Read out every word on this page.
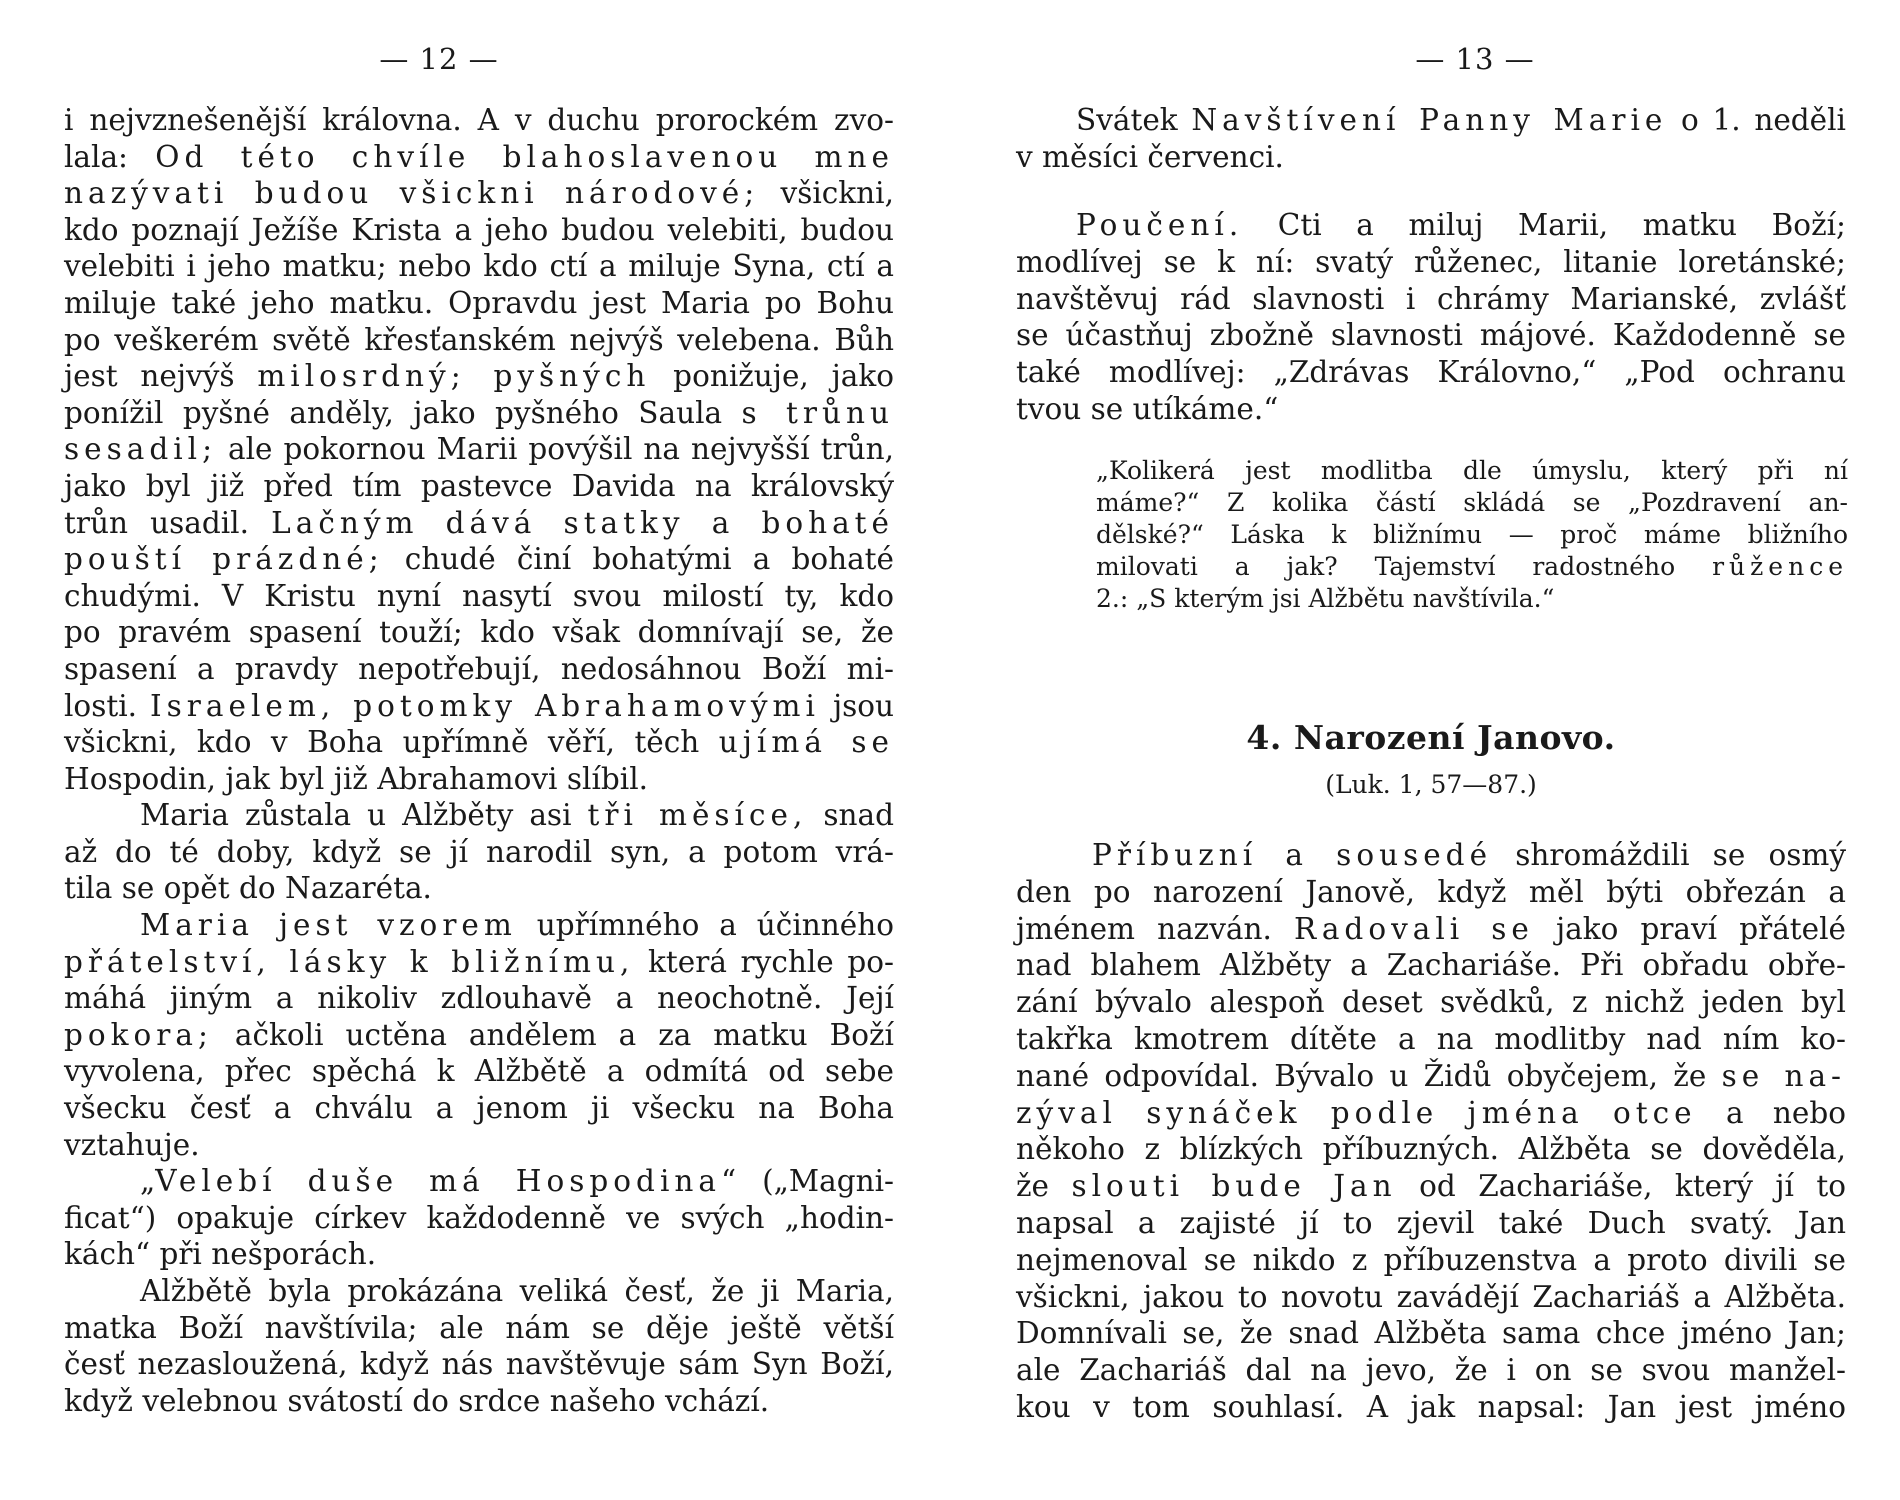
— 12 —
i nejvznešenější královna. A v duchu prorockém zvo-
lala: Od této chvíle blahoslavenou mne
nazývati budou všickni národové; všickni,
kdo poznají Ježíše Krista a jeho budou velebiti, budou
velebiti i jeho matku; nebo kdo ctí a miluje Syna, ctí a
miluje také jeho matku. Opravdu jest Maria po Bohu
po veškerém světě křesťanském nejvýš velebena. Bůh
jest nejvýš milosrdný; pyšných ponižuje, jako
ponížil pyšné anděly, jako pyšného Saula s trůnu
sesadil; ale pokornou Marii povýšil na nejvyšší trůn,
jako byl již před tím pastevce Davida na královský
trůn usadil. Lačným dává statky a bohaté
pouští prázdné; chudé činí bohatými a bohaté
chudými. V Kristu nyní nasytí svou milostí ty, kdo
po pravém spasení touží; kdo však domnívají se, že
spasení a pravdy nepotřebují, nedosáhnou Boží mi-
losti. Israelem, potomky Abrahamovými jsou
všickni, kdo v Boha upřímně věří, těch ujímá se
Hospodin, jak byl již Abrahamovi slíbil.
Maria zůstala u Alžběty asi tři měsíce, snad
až do té doby, když se jí narodil syn, a potom vrá-
tila se opět do Nazaréta.
Maria jest vzorem upřímného a účinného
přátelství, lásky k bližnímu, která rychle po-
máhá jiným a nikoliv zdlouhavě a neochotně. Její
pokora; ačkoli uctěna andělem a za matku Boží
vyvolena, přec spěchá k Alžbětě a odmítá od sebe
všecku česť a chválu a jenom ji všecku na Boha
vztahuje.
„Velebí duše má Hospodina“ („Magni-
ficat“) opakuje církev každodenně ve svých „hodin-
kách“ při nešporách.
Alžbětě byla prokázána veliká česť, že ji Maria,
matka Boží navštívila; ale nám se děje ještě větší
česť nezasloužená, když nás navštěvuje sám Syn Boží,
když velebnou svátostí do srdce našeho vchází.
— 13 —
Svátek Navštívení Panny Marie o 1. neděli
v měsíci červenci.
Poučení. Cti a miluj Marii, matku Boží;
modlívej se k ní: svatý růženec, litanie loretánské;
navštěvuj rád slavnosti i chrámy Marianské, zvlášť
se účastňuj zbožně slavnosti májové. Každodenně se
také modlívej: „Zdrávas Královno,“ „Pod ochranu
tvou se utíkáme.“
„Kolikerá jest modlitba dle úmyslu, který při ní
máme?“ Z kolika částí skládá se „Pozdravení an-
dělské?“ Láska k bližnímu — proč máme bližního
milovati a jak? Tajemství radostného růžence
2.: „S kterým jsi Alžbětu navštívila.“
4. Narození Janovo.
(Luk. 1, 57—87.)
Příbuzní a sousedé shromáždili se osmý
den po narození Janově, když měl býti obřezán a
jménem nazván. Radovali se jako praví přátelé
nad blahem Alžběty a Zachariáše. Při obřadu obře-
zání bývalo alespoň deset svědků, z nichž jeden byl
takřka kmotrem dítěte a na modlitby nad ním ko-
nané odpovídal. Bývalo u Židů obyčejem, že se na-
zýval synáček podle jména otce a nebo
někoho z blízkých příbuzných. Alžběta se dověděla,
že slouti bude Jan od Zachariáše, který jí to
napsal a zajisté jí to zjevil také Duch svatý. Jan
nejmenoval se nikdo z příbuzenstva a proto divili se
všickni, jakou to novotu zavádějí Zachariáš a Alžběta.
Domnívali se, že snad Alžběta sama chce jméno Jan;
ale Zachariáš dal na jevo, že i on se svou manžel-
kou v tom souhlasí. A jak napsal: Jan jest jméno
